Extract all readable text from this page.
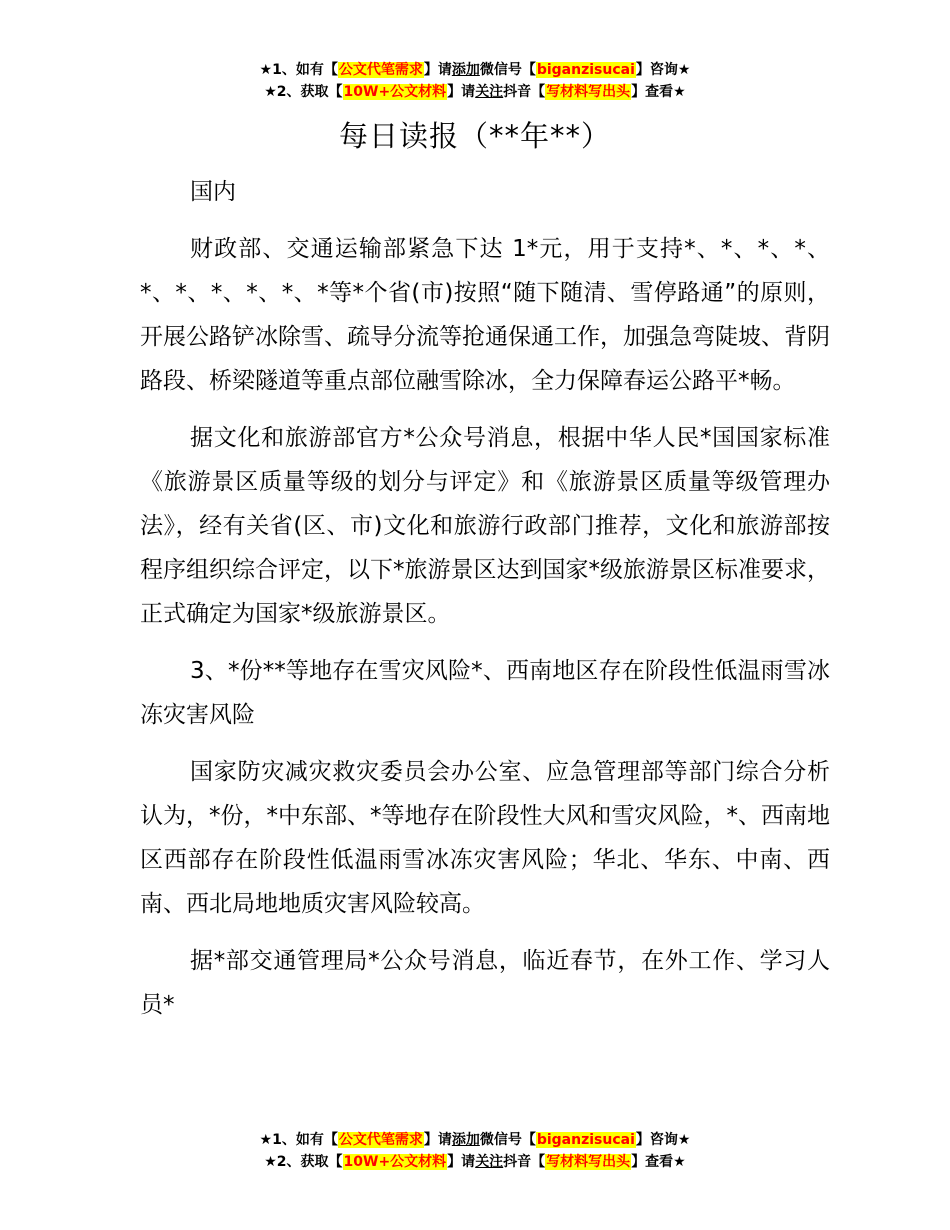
★1、如有【公文代笔需求】请添加微信号【biganzisucai】咨询★
★2、获取【10W+公文材料】请关注抖音【写材料写出头】查看★
每日读报（**年**）

国内

财政部、交通运输部紧急下达 1*元，用于支持*、*、*、*、*、*、*、*、*、*等*个省(市)按照“随下随清、雪停路通”的原则，开展公路铲冰除雪、疏导分流等抢通保通工作，加强急弯陡坡、背阴路段、桥梁隧道等重点部位融雪除冰，全力保障春运公路平*畅。

据文化和旅游部官方*公众号消息，根据中华人民*国国家标准《旅游景区质量等级的划分与评定》和《旅游景区质量等级管理办法》，经有关省(区、市)文化和旅游行政部门推荐，文化和旅游部按程序组织综合评定，以下*旅游景区达到国家*级旅游景区标准要求，正式确定为国家*级旅游景区。

3、*份**等地存在雪灾风险*、西南地区存在阶段性低温雨雪冰冻灾害风险

国家防灾减灾救灾委员会办公室、应急管理部等部门综合分析认为，*份，*中东部、*等地存在阶段性大风和雪灾风险，*、西南地区西部存在阶段性低温雨雪冰冻灾害风险；华北、华东、中南、西南、西北局地地质灾害风险较高。

据*部交通管理局*公众号消息，临近春节，在外工作、学习人员*

★1、如有【公文代笔需求】请添加微信号【biganzisucai】咨询★
★2、获取【10W+公文材料】请关注抖音【写材料写出头】查看★
